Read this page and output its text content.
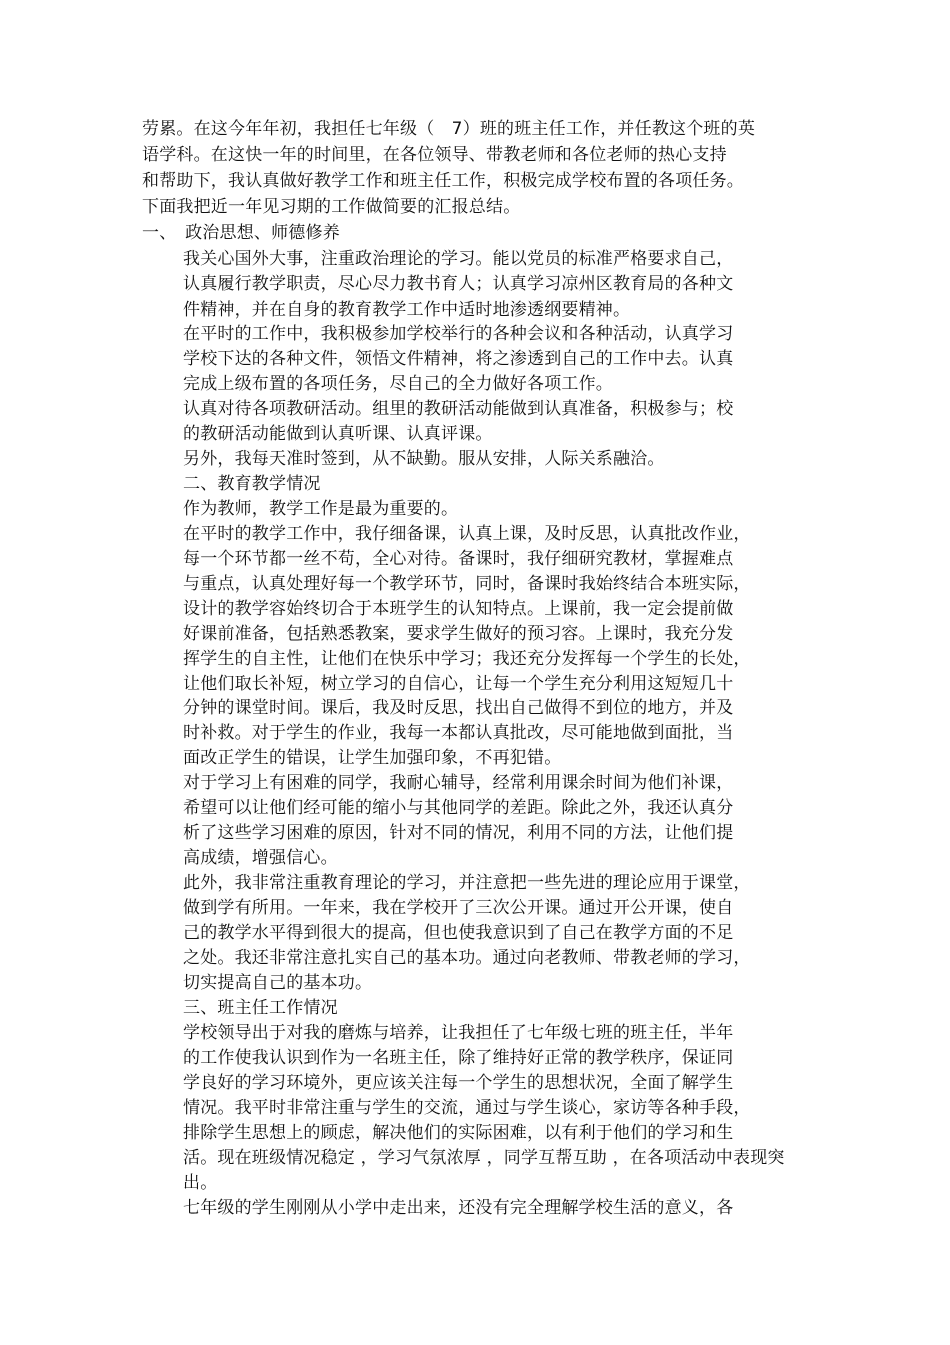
劳累。在这今年年初，我担任七年级（　7）班的班主任工作，并任教这个班的英
语学科。在这快一年的时间里，在各位领导、带教老师和各位老师的热心支持
和帮助下，我认真做好教学工作和班主任工作，积极完成学校布置的各项任务。
下面我把近一年见习期的工作做简要的汇报总结。
一、　政治思想、师德修养
我关心国外大事，注重政治理论的学习。能以党员的标准严格要求自己，
认真履行教学职责，尽心尽力教书育人；认真学习凉州区教育局的各种文
件精神，并在自身的教育教学工作中适时地渗透纲要精神。
在平时的工作中，我积极参加学校举行的各种会议和各种活动，认真学习
学校下达的各种文件，领悟文件精神，将之渗透到自己的工作中去。认真
完成上级布置的各项任务，尽自己的全力做好各项工作。
认真对待各项教研活动。组里的教研活动能做到认真准备，积极参与；校
的教研活动能做到认真听课、认真评课。
另外，我每天准时签到，从不缺勤。服从安排，人际关系融洽。
二、教育教学情况
作为教师，教学工作是最为重要的。
在平时的教学工作中，我仔细备课，认真上课，及时反思，认真批改作业，
每一个环节都一丝不苟，全心对待。备课时，我仔细研究教材，掌握难点
与重点，认真处理好每一个教学环节，同时，备课时我始终结合本班实际，
设计的教学容始终切合于本班学生的认知特点。上课前，我一定会提前做
好课前准备，包括熟悉教案，要求学生做好的预习容。上课时，我充分发
挥学生的自主性，让他们在快乐中学习；我还充分发挥每一个学生的长处，
让他们取长补短，树立学习的自信心，让每一个学生充分利用这短短几十
分钟的课堂时间。课后，我及时反思，找出自己做得不到位的地方，并及
时补救。对于学生的作业，我每一本都认真批改，尽可能地做到面批，当
面改正学生的错误，让学生加强印象，不再犯错。
对于学习上有困难的同学，我耐心辅导，经常利用课余时间为他们补课，
希望可以让他们经可能的缩小与其他同学的差距。除此之外，我还认真分
析了这些学习困难的原因，针对不同的情况，利用不同的方法，让他们提
高成绩，增强信心。
此外，我非常注重教育理论的学习，并注意把一些先进的理论应用于课堂，
做到学有所用。一年来，我在学校开了三次公开课。通过开公开课，使自
己的教学水平得到很大的提高，但也使我意识到了自己在教学方面的不足
之处。我还非常注意扎实自己的基本功。通过向老教师、带教老师的学习，
切实提高自己的基本功。
三、班主任工作情况
学校领导出于对我的磨炼与培养，让我担任了七年级七班的班主任，半年
的工作使我认识到作为一名班主任，除了维持好正常的教学秩序，保证同
学良好的学习环境外，更应该关注每一个学生的思想状况，全面了解学生
情况。我平时非常注重与学生的交流，通过与学生谈心，家访等各种手段，
排除学生思想上的顾虑，解决他们的实际困难，以有利于他们的学习和生
活。现在班级情况稳定 ，学习气氛浓厚 ，同学互帮互助 ，在各项活动中表现突
出。
七年级的学生刚刚从小学中走出来，还没有完全理解学校生活的意义，各
